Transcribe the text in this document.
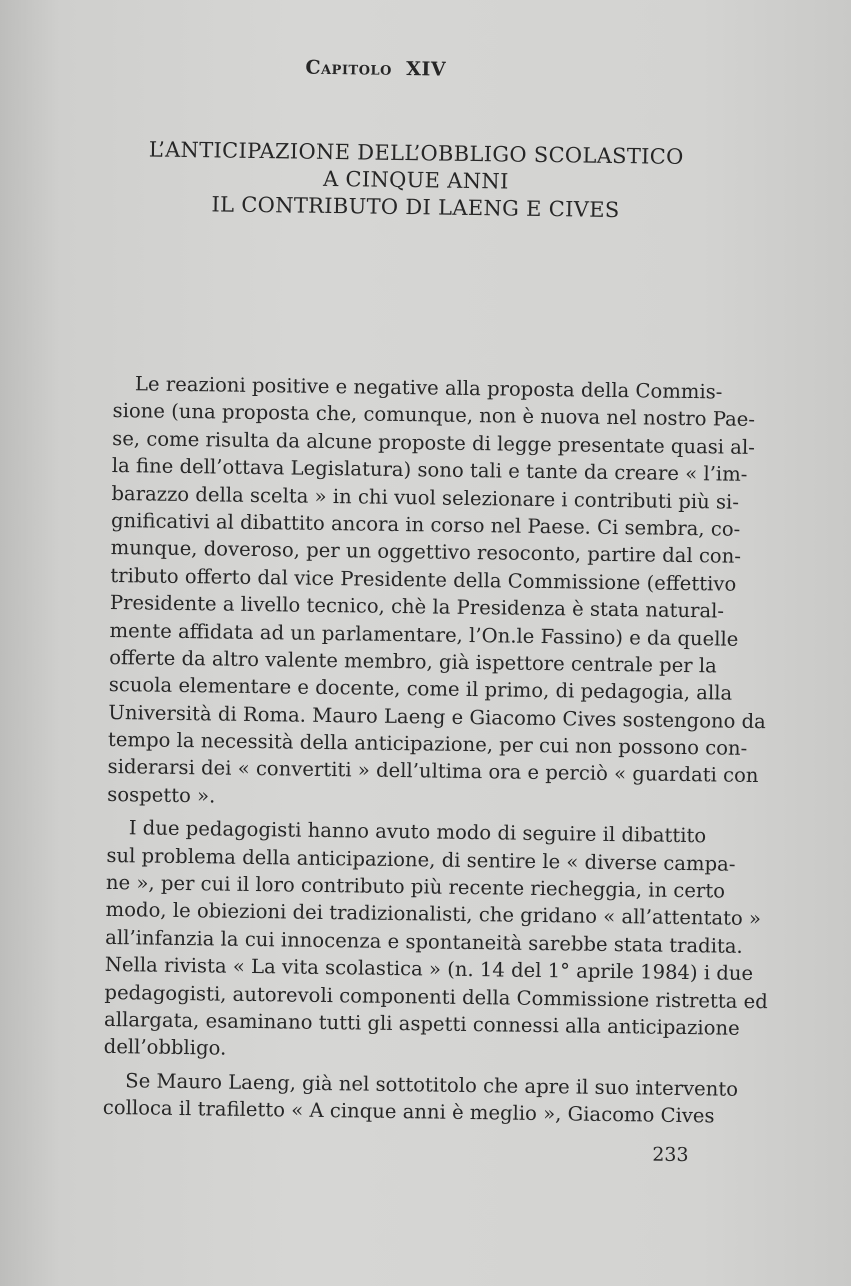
Capitolo XIV
L’ANTICIPAZIONE DELL’OBBLIGO SCOLASTICO
A CINQUE ANNI
IL CONTRIBUTO DI LAENG E CIVES
Le reazioni positive e negative alla proposta della Commis-
sione (una proposta che, comunque, non è nuova nel nostro Pae-
se, come risulta da alcune proposte di legge presentate quasi al-
la fine dell’ottava Legislatura) sono tali e tante da creare « l’im-
barazzo della scelta » in chi vuol selezionare i contributi più si-
gnificativi al dibattito ancora in corso nel Paese. Ci sembra, co-
munque, doveroso, per un oggettivo resoconto, partire dal con-
tributo offerto dal vice Presidente della Commissione (effettivo
Presidente a livello tecnico, chè la Presidenza è stata natural-
mente affidata ad un parlamentare, l’On.le Fassino) e da quelle
offerte da altro valente membro, già ispettore centrale per la
scuola elementare e docente, come il primo, di pedagogia, alla
Università di Roma. Mauro Laeng e Giacomo Cives sostengono da
tempo la necessità della anticipazione, per cui non possono con-
siderarsi dei « convertiti » dell’ultima ora e perciò « guardati con
sospetto ».
I due pedagogisti hanno avuto modo di seguire il dibattito
sul problema della anticipazione, di sentire le « diverse campa-
ne », per cui il loro contributo più recente riecheggia, in certo
modo, le obiezioni dei tradizionalisti, che gridano « all’attentato »
all’infanzia la cui innocenza e spontaneità sarebbe stata tradita.
Nella rivista « La vita scolastica » (n. 14 del 1° aprile 1984) i due
pedagogisti, autorevoli componenti della Commissione ristretta ed
allargata, esaminano tutti gli aspetti connessi alla anticipazione
dell’obbligo.
Se Mauro Laeng, già nel sottotitolo che apre il suo intervento
colloca il trafiletto « A cinque anni è meglio », Giacomo Cives
233
